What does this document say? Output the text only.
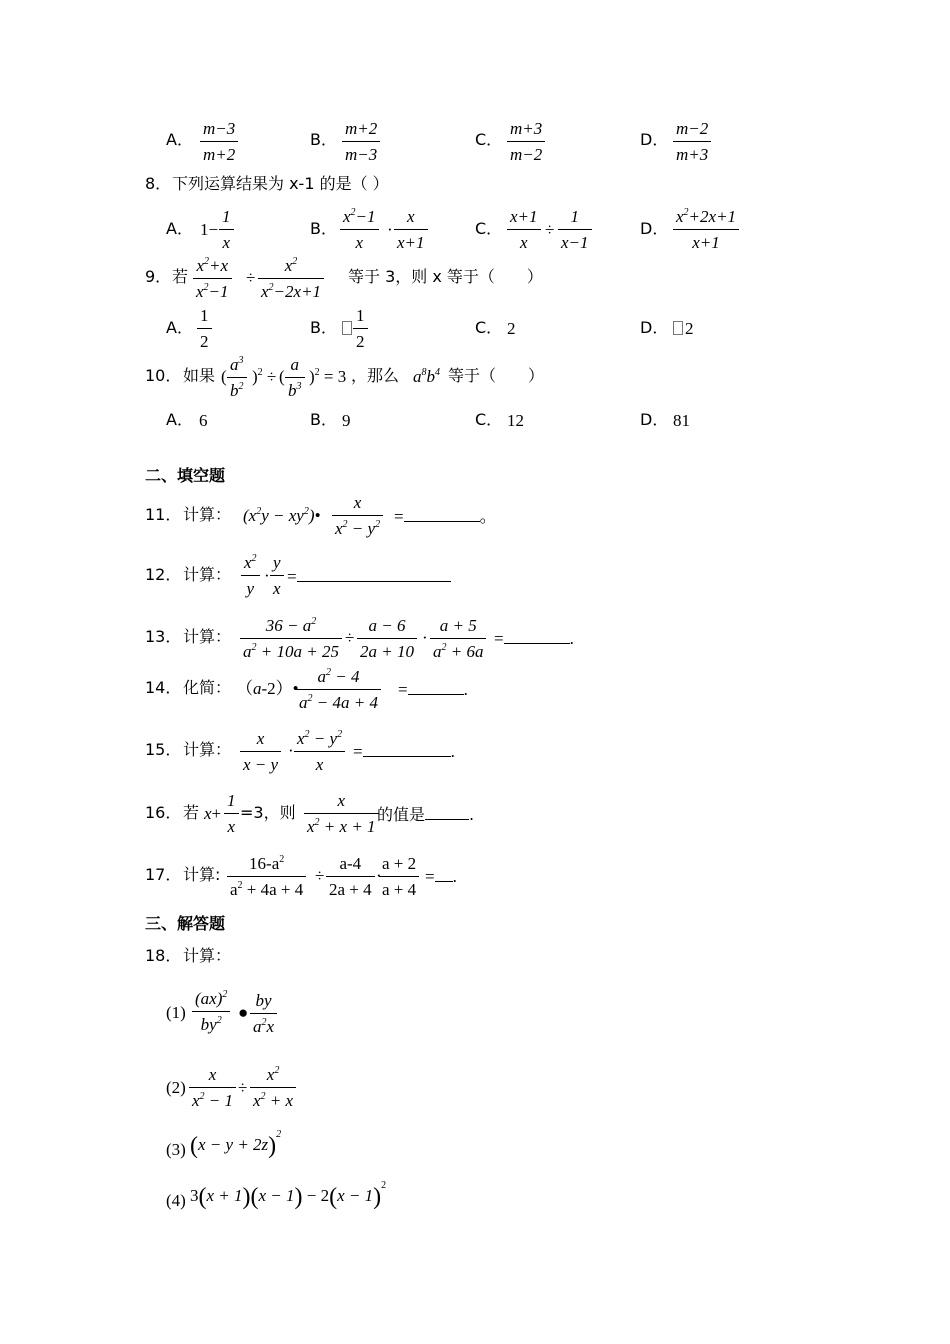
A． $\frac{m-3}{m+2}$	B． $\frac{m+2}{m-3}$	C． $\frac{m+3}{m-2}$	D． $\frac{m-2}{m+3}$
8． 下列运算结果为 x-1 的是（ ）
A． $1- \frac{1}{x}$	B． $\frac{x^2-1}{x} \cdot \frac{x}{x+1}$	C． $\frac{x+1}{x} \div \frac{1}{x-1}$	D． $\frac{x^2+2x+1}{x+1}$
9． 若 $\frac{x^2+x}{x^2-1} \div \frac{x^2}{x^2-2x+1}$ 等于 3，则 x 等于（　　）
A． $\frac{1}{2}$	B． $\frac{1}{2}$	C． 2	D． 2
10． 如果 ( $\frac{a^3}{b^2} )^2$ ÷ ( $\frac{a}{b^3} )^2 = 3$ ，那么 $a^8b^4$ 等于（　　）
A． 6	B． 9	C． 12	D． 81
二、填空题
11． 计算： ($x^2y$ − $xy^2)• \frac{x}{x^2 - y^2}$ =	。
12． 计算： $\frac{x^2}{y} \cdot \frac{y}{x}$ =
13． 计算： $\frac{36 - a^2}{a^2 + 10a + 25} \div \frac{a - 6}{2a + 10} \cdot \frac{a + 5}{a^2 + 6a}$ =	.
14． 化简： （a-2）•
$\frac{a^2 - 4}{a^2 - 4a + 4}$ =	.
15． 计算： $\frac{x}{x - y} \cdot \frac{x^2 - y^2}{x}$ =	.
16． 若 $x+ \frac{1}{x} =3$，则 $\frac{x}{x^2 + x + 1}$
的值是	.
17． 计算: $\frac{16-a^2}{a^2 + 4a + 4} \div \frac{a-4}{2a + 4}$ ·
$\frac{a + 2}{a + 4}$ = .
三、解答题
18． 计算：
$(1) \frac{(ax)^2}{by^2}$ ● $\frac{by}{a^2x}$
$(2) \frac{x}{x^2 - 1} \div \frac{x^2}{x^2 + x}$
(3) $(x - y + 2z)^2$
(4) $3(x + 1)(x - 1) - 2(x - 1)^2$
